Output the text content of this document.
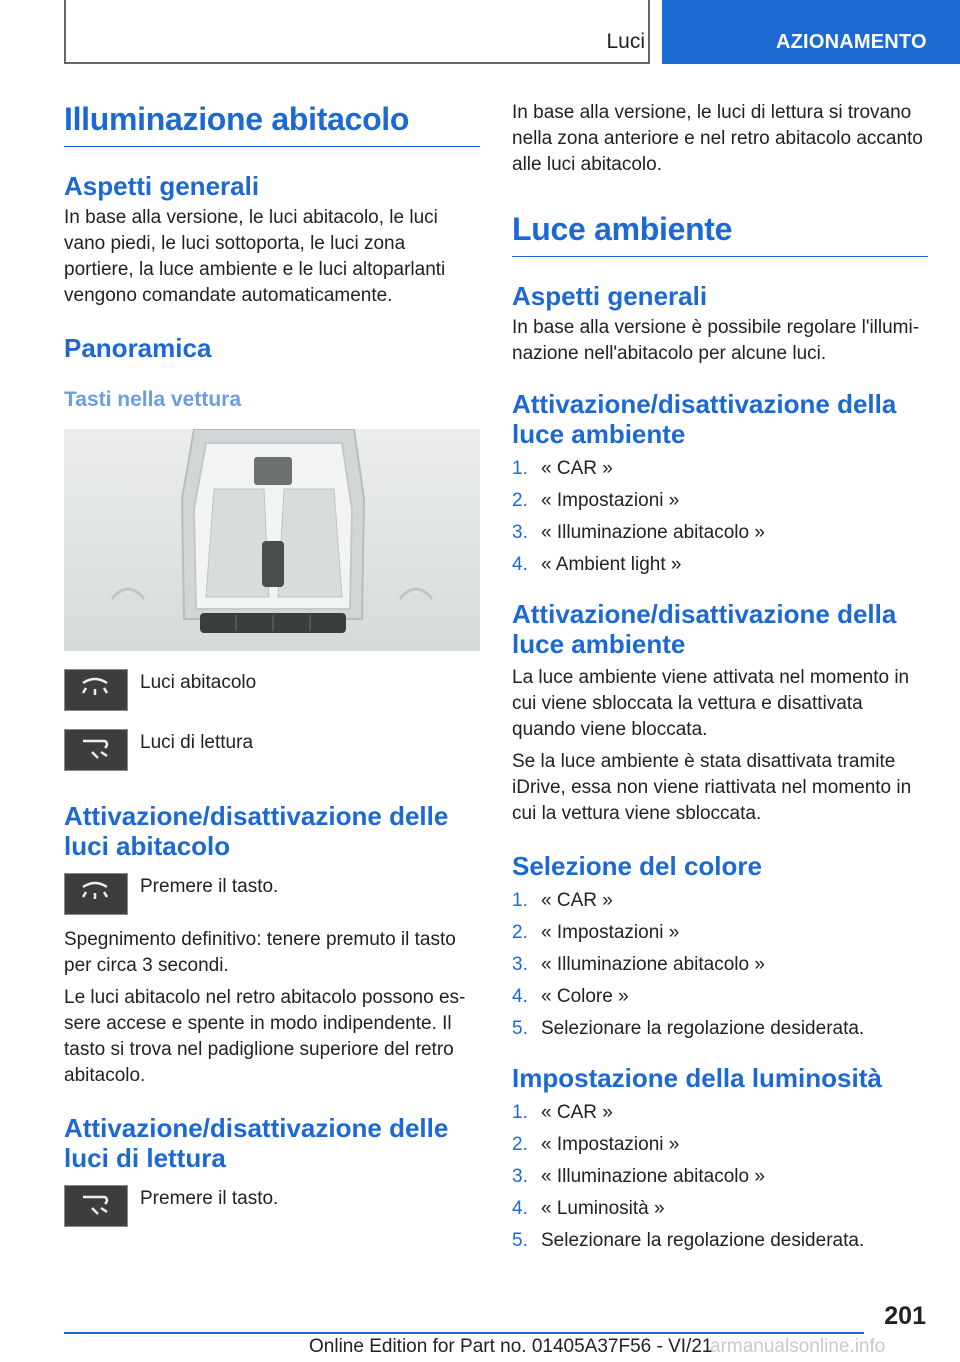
Luci	AZIONAMENTO
Illuminazione abitacolo
Aspetti generali

In base alla versione, le luci abitacolo, le luci vano piedi, le luci sottoporta, le luci zona portiere, la luce ambiente e le luci altoparlanti vengono comandate automaticamente.

Panoramica
Tasti nella vettura
Luci abitacolo
Luci di lettura
Attivazione/disattivazione delle luci abitacolo
Premere il tasto.

Spegnimento definitivo: tenere premuto il tasto per circa 3 secondi.

Le luci abitacolo nel retro abitacolo possono essere accese e spente in modo indipendente. Il tasto si trova nel padiglione superiore del retro abitacolo.

Attivazione/disattivazione delle luci di lettura
Premere il tasto.

In base alla versione, le luci di lettura si trovano nella zona anteriore e nel retro abitacolo accanto alle luci abitacolo.

Luce ambiente
Aspetti generali

In base alla versione è possibile regolare l'illuminazione nell'abitacolo per alcune luci.

Attivazione/disattivazione della luce ambiente
1. « CAR »
2. « Impostazioni »
3. « Illuminazione abitacolo »
4. « Ambient light »
Attivazione/disattivazione della luce ambiente

La luce ambiente viene attivata nel momento in cui viene sbloccata la vettura e disattivata quando viene bloccata.

Se la luce ambiente è stata disattivata tramite iDrive, essa non viene riattivata nel momento in cui la vettura viene sbloccata.

Selezione del colore
1. « CAR »
2. « Impostazioni »
3. « Illuminazione abitacolo »
4. « Colore »
5. Selezionare la regolazione desiderata.
Impostazione della luminosità
1. « CAR »
2. « Impostazioni »
3. « Illuminazione abitacolo »
4. « Luminosità »
5. Selezionare la regolazione desiderata.
201
Online Edition for Part no. 01405A37F56 - VI/21
armanualsonline.info
